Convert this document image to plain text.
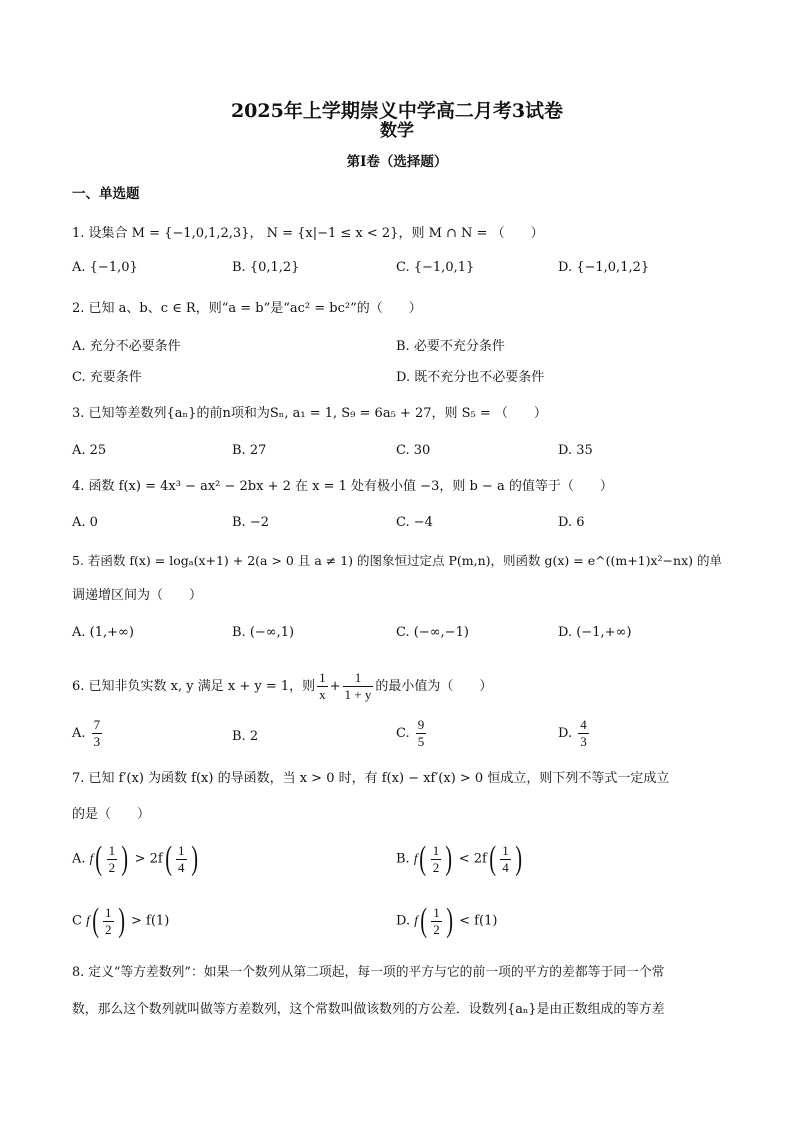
2025年上学期崇义中学高二月考3试卷
数学
第I卷（选择题）
一、单选题
1. 设集合 M = {−1,0,1,2,3}， N = {x|−1 ≤ x < 2}，则 M ∩ N = （　　）
A. {−1,0}	B. {0,1,2}	C. {−1,0,1}	D. {−1,0,1,2}
2. 已知 a、b、c ∈ R，则“a = b”是“ac² = bc²”的（　　）
A. 充分不必要条件	B. 必要不充分条件
C. 充要条件	D. 既不充分也不必要条件
3. 已知等差数列{aₙ}的前n项和为Sₙ, a₁ = 1, S₉ = 6a₅ + 27，则 S₅ = （　　）
A. 25	B. 27	C. 30	D. 35
4. 函数 f(x) = 4x³ − ax² − 2bx + 2 在 x = 1 处有极小值 −3，则 b − a 的值等于（　　）
A. 0	B. −2	C. −4	D. 6
5. 若函数 f(x) = logₐ(x+1) + 2(a > 0 且 a ≠ 1) 的图象恒过定点 P(m,n)，则函数 g(x) = e^((m+1)x²−nx) 的单
调递增区间为（　　）
A. (1,+∞)	B. (−∞,1)	C. (−∞,−1)	D. (−1,+∞)
6. 已知非负实数 x, y 满足 x + y = 1，则 $\frac{1}{x} + \frac{1}{1 + y}$ 的最小值为（　　）
A. $\frac{7}{3}$	B. 2	C. $\frac{9}{5}$	D. $\frac{4}{3}$
7. 已知 f′(x) 为函数 f(x) 的导函数，当 x > 0 时，有 f(x) − xf′(x) > 0 恒成立，则下列不等式一定成立
的是（　　）
A. $f( \frac{1}{2}$ ) > $2f( \frac{1}{4}$ )	B. $f( \frac{1}{2}$ ) < $2f( \frac{1}{4}$ )
C $f( \frac{1}{2}$ ) > f(1)	D. $f( \frac{1}{2}$ ) < f(1)
8. 定义“等方差数列”：如果一个数列从第二项起，每一项的平方与它的前一项的平方的差都等于同一个常
数，那么这个数列就叫做等方差数列，这个常数叫做该数列的方公差．设数列{aₙ}是由正数组成的等方差
